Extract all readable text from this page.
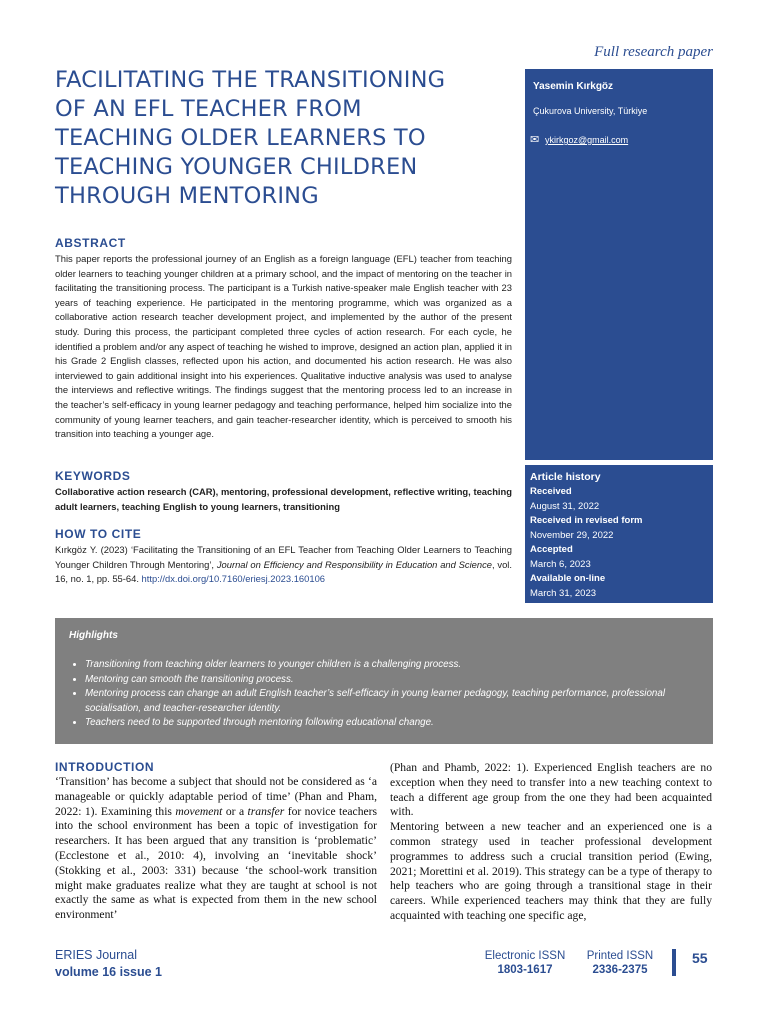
Full research paper
FACILITATING THE TRANSITIONING
OF AN EFL TEACHER FROM
TEACHING OLDER LEARNERS TO
TEACHING YOUNGER CHILDREN
THROUGH MENTORING
Yasemin Kırkgöz
Çukurova University, Türkiye
✉ ykirkgoz@gmail.com
ABSTRACT
This paper reports the professional journey of an English as a foreign language (EFL) teacher from teaching older learners to teaching younger children at a primary school, and the impact of mentoring on the teacher in facilitating the transitioning process. The participant is a Turkish native-speaker male English teacher with 23 years of teaching experience. He participated in the mentoring programme, which was organized as a collaborative action research teacher development project, and implemented by the author of the present study. During this process, the participant completed three cycles of action research. For each cycle, he identified a problem and/or any aspect of teaching he wished to improve, designed an action plan, applied it in his Grade 2 English classes, reflected upon his action, and documented his action research. He was also interviewed to gain additional insight into his experiences. Qualitative inductive analysis was used to analyse the interviews and reflective writings. The findings suggest that the mentoring process led to an increase in the teacher’s self-efficacy in young learner pedagogy and teaching performance, helped him socialize into the community of young learner teachers, and gain teacher-researcher identity, which is perceived to smooth his transition into teaching a younger age.
KEYWORDS
Collaborative action research (CAR), mentoring, professional development, reflective writing, teaching adult learners, teaching English to young learners, transitioning
HOW TO CITE
Kırkgöz Y. (2023) ‘Facilitating the Transitioning of an EFL Teacher from Teaching Older Learners to Teaching Younger Children Through Mentoring’, Journal on Efficiency and Responsibility in Education and Science, vol. 16, no. 1, pp. 55-64. http://dx.doi.org/10.7160/eriesj.2023.160106
Article history
Received
August 31, 2022
Received in revised form
November 29, 2022
Accepted
March 6, 2023
Available on-line
March 31, 2023
Highlights
• Transitioning from teaching older learners to younger children is a challenging process.
• Mentoring can smooth the transitioning process.
• Mentoring process can change an adult English teacher’s self-efficacy in young learner pedagogy, teaching performance, professional socialisation, and teacher-researcher identity.
• Teachers need to be supported through mentoring following educational change.
INTRODUCTION

‘Transition’ has become a subject that should not be considered as ‘a manageable or quickly adaptable period of time’ (Phan and Pham, 2022: 1). Examining this movement or a transfer for novice teachers into the school environment has been a topic of investigation for researchers. It has been argued that any transition is ‘problematic’ (Ecclestone et al., 2010: 4), involving an ‘inevitable shock’ (Stokking et al., 2003: 331) because ‘the school-work transition might make graduates realize what they are taught at school is not exactly the same as what is expected from them in the new school environment’

(Phan and Phamb, 2022: 1). Experienced English teachers are no exception when they need to transfer into a new teaching context to teach a different age group from the one they had been acquainted with.

Mentoring between a new teacher and an experienced one is a common strategy used in teacher professional development programmes to address such a crucial transition period (Ewing, 2021; Morettini et al. 2019). This strategy can be a type of therapy to help teachers who are going through a transitional stage in their careers. While experienced teachers may think that they are fully acquainted with teaching one specific age,

ERIES Journal
volume 16 issue 1
Electronic ISSN
1803-1617
Printed ISSN
2336-2375
55
